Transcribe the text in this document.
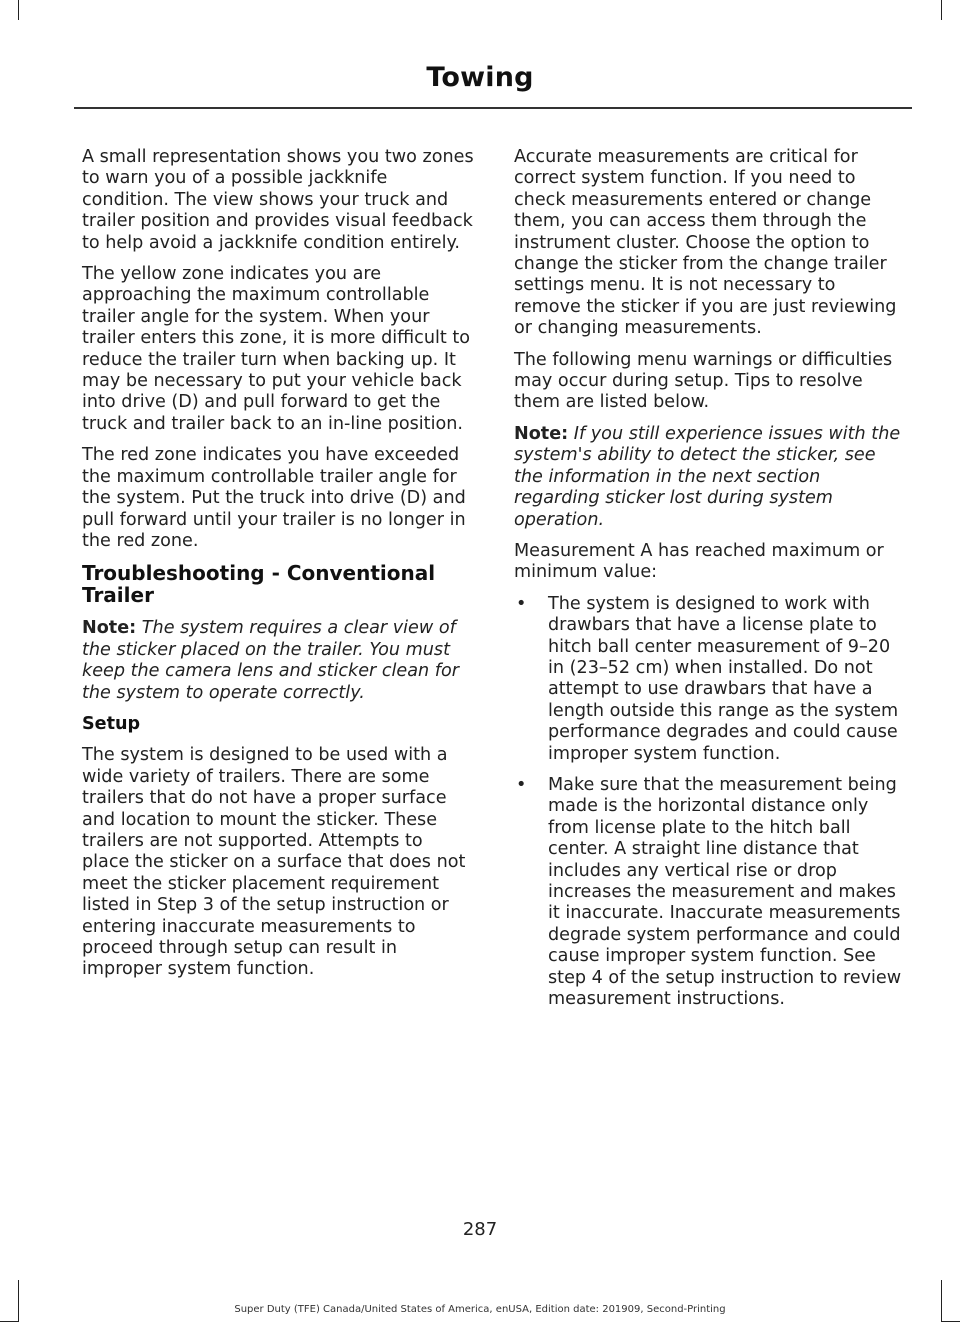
Towing

A small representation shows you two zones to warn you of a possible jackknife condition. The view shows your truck and trailer position and provides visual feedback to help avoid a jackknife condition entirely.

The yellow zone indicates you are approaching the maximum controllable trailer angle for the system. When your trailer enters this zone, it is more difficult to reduce the trailer turn when backing up. It may be necessary to put your vehicle back into drive (D) and pull forward to get the truck and trailer back to an in-line position.

The red zone indicates you have exceeded the maximum controllable trailer angle for the system. Put the truck into drive (D) and pull forward until your trailer is no longer in the red zone.

Troubleshooting - Conventional Trailer

Note: The system requires a clear view of the sticker placed on the trailer. You must keep the camera lens and sticker clean for the system to operate correctly.

Setup

The system is designed to be used with a wide variety of trailers. There are some trailers that do not have a proper surface and location to mount the sticker. These trailers are not supported. Attempts to place the sticker on a surface that does not meet the sticker placement requirement listed in Step 3 of the setup instruction or entering inaccurate measurements to proceed through setup can result in improper system function.

Accurate measurements are critical for correct system function. If you need to check measurements entered or change them, you can access them through the instrument cluster. Choose the option to change the sticker from the change trailer settings menu. It is not necessary to remove the sticker if you are just reviewing or changing measurements.

The following menu warnings or difficulties may occur during setup. Tips to resolve them are listed below.

Note: If you still experience issues with the system's ability to detect the sticker, see the information in the next section regarding sticker lost during system operation.

Measurement A has reached maximum or minimum value:

• The system is designed to work with drawbars that have a license plate to hitch ball center measurement of 9–20 in (23–52 cm) when installed. Do not attempt to use drawbars that have a length outside this range as the system performance degrades and could cause improper system function.
• Make sure that the measurement being made is the horizontal distance only from license plate to the hitch ball center. A straight line distance that includes any vertical rise or drop increases the measurement and makes it inaccurate. Inaccurate measurements degrade system performance and could cause improper system function. See step 4 of the setup instruction to review measurement instructions.
287
Super Duty (TFE) Canada/United States of America, enUSA, Edition date: 201909, Second-Printing
